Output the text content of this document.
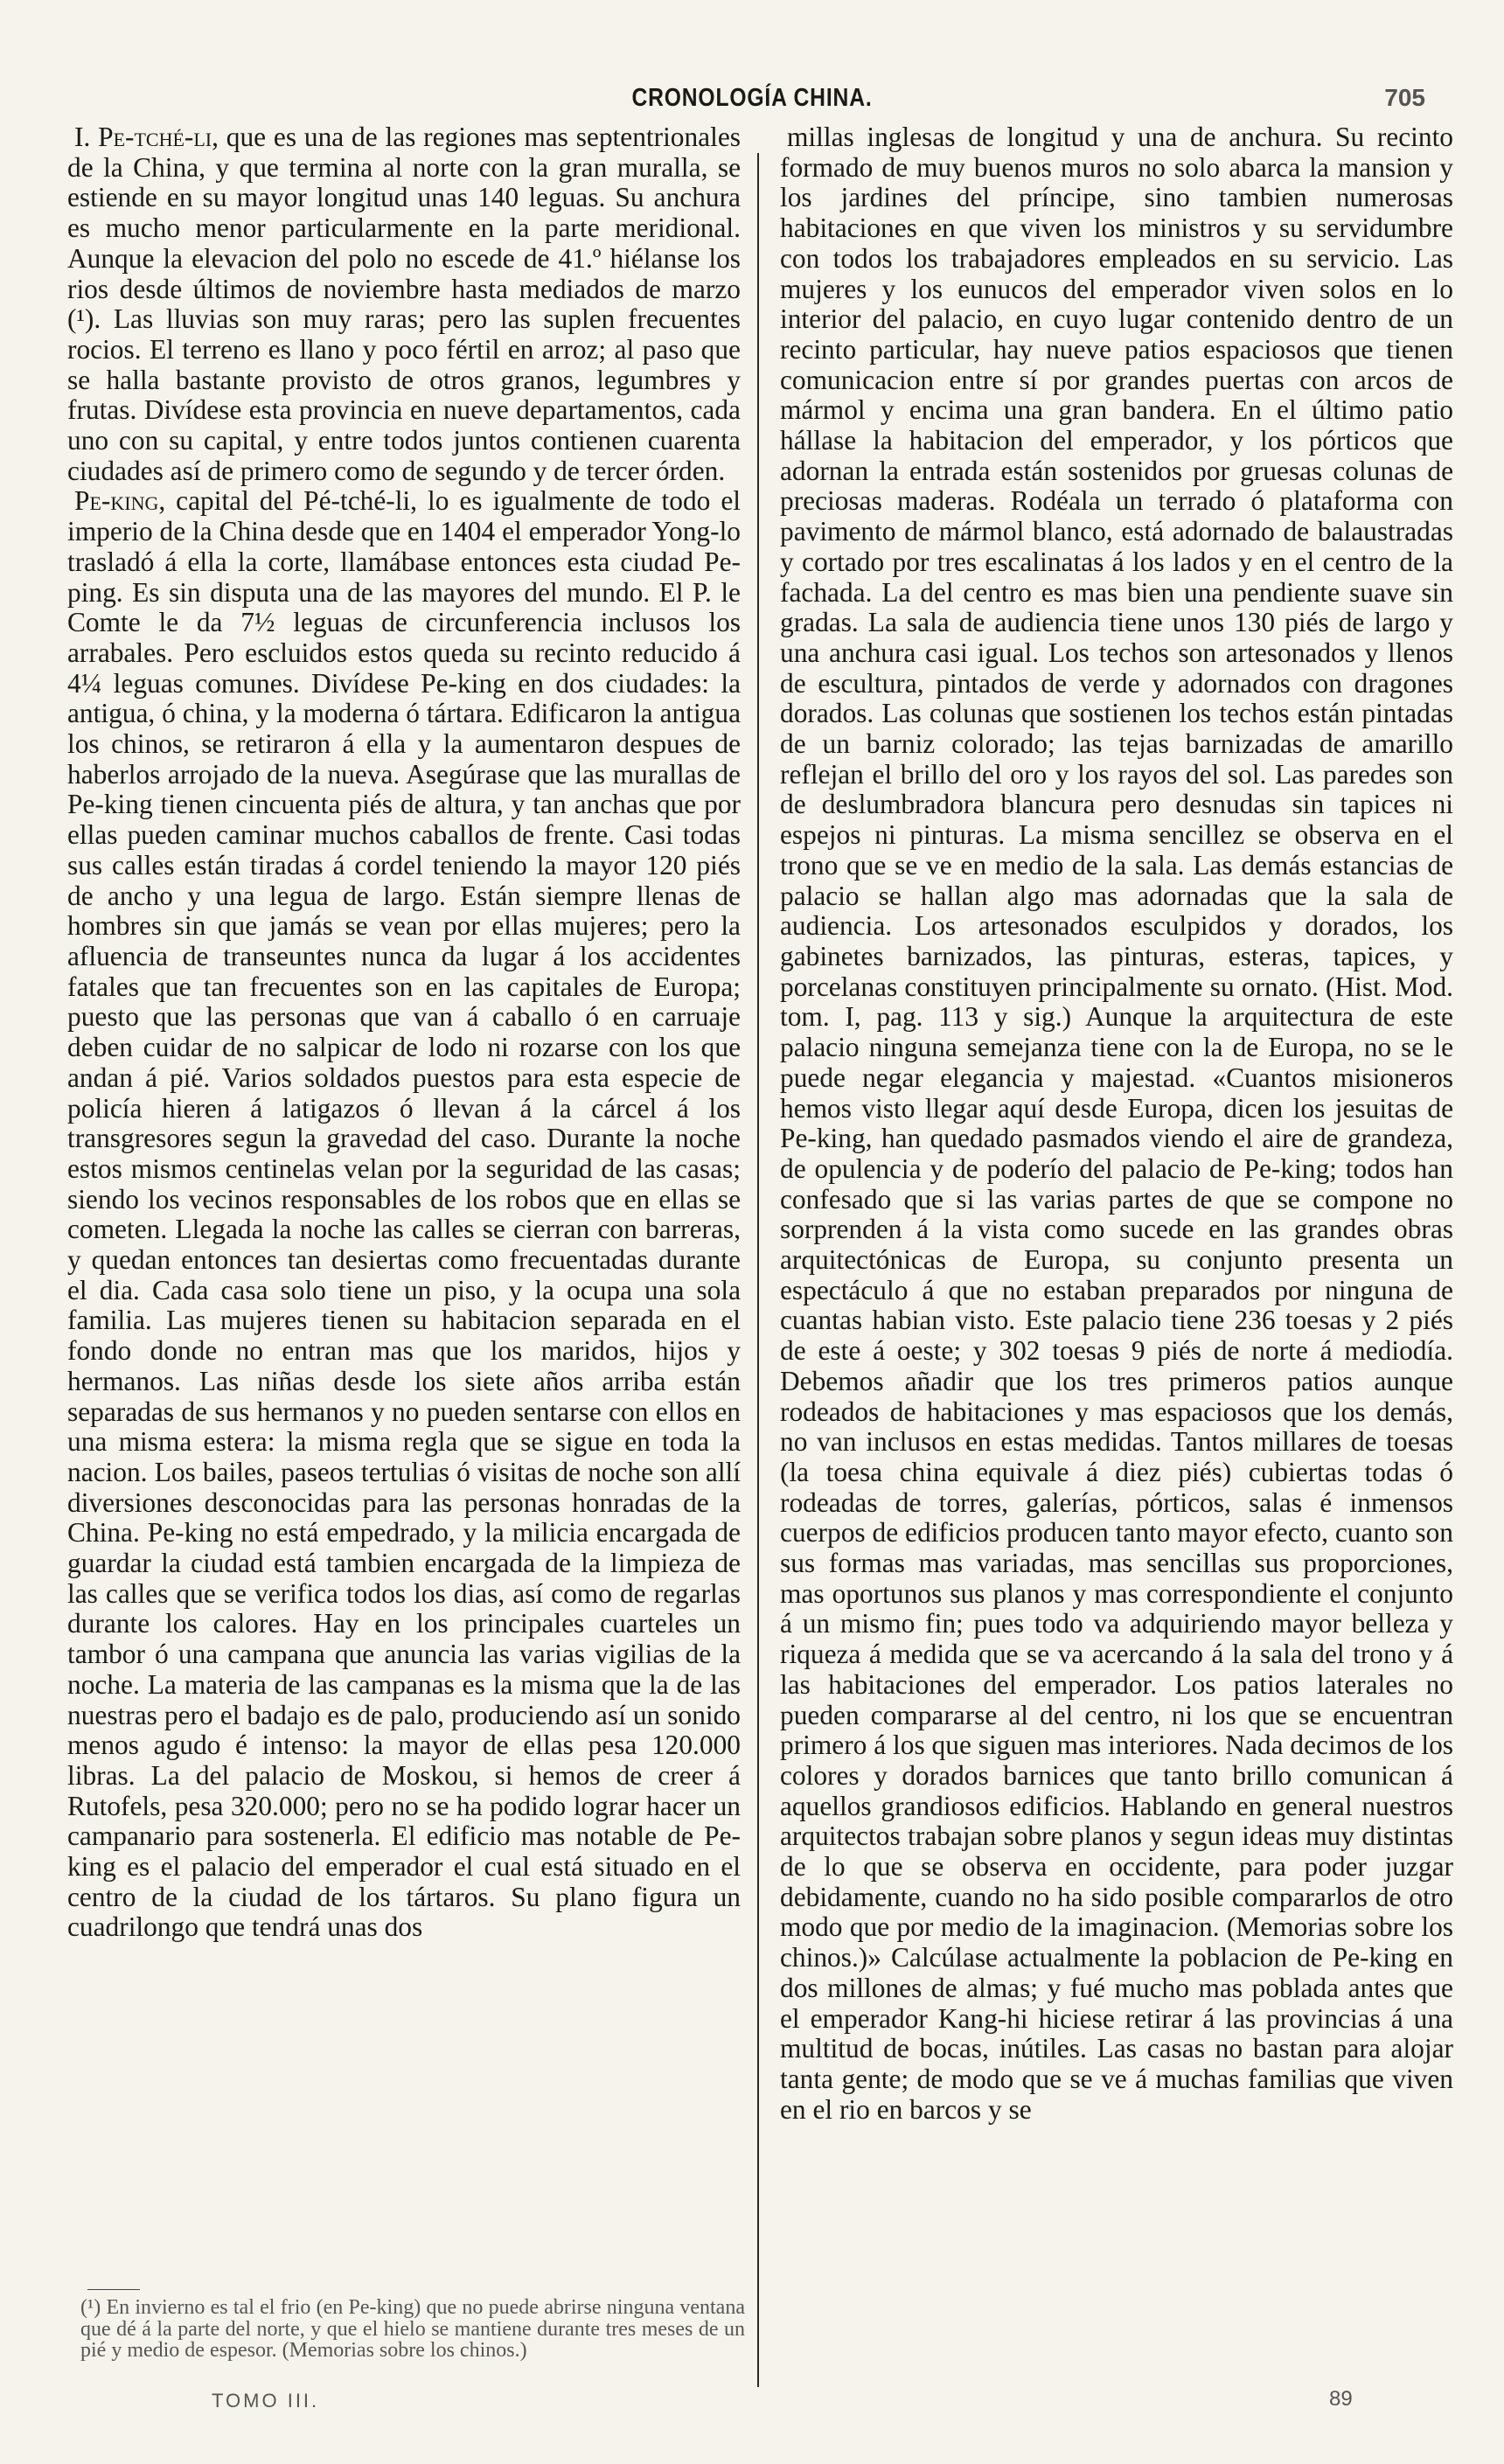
CRONOLOGÍA CHINA.	705

I. Pe-tché-li, que es una de las regiones mas septentrionales de la China, y que termina al norte con la gran muralla, se estiende en su mayor longitud unas 140 leguas. Su anchura es mucho menor particularmente en la parte meridional. Aunque la elevacion del polo no escede de 41.º hiélanse los rios desde últimos de noviembre hasta mediados de marzo (¹). Las lluvias son muy raras; pero las suplen frecuentes rocios. El terreno es llano y poco fértil en arroz; al paso que se halla bastante provisto de otros granos, legumbres y frutas. Divídese esta provincia en nueve departamentos, cada uno con su capital, y entre todos juntos contienen cuarenta ciudades así de primero como de segundo y de tercer órden.

Pe-king, capital del Pé-tché-li, lo es igualmente de todo el imperio de la China desde que en 1404 el emperador Yong-lo trasladó á ella la corte, llamábase entonces esta ciudad Pe-ping. Es sin disputa una de las mayores del mundo. El P. le Comte le da 7½ leguas de circunferencia inclusos los arrabales. Pero escluidos estos queda su recinto reducido á 4¼ leguas comunes. Divídese Pe-king en dos ciudades: la antigua, ó china, y la moderna ó tártara. Edificaron la antigua los chinos, se retiraron á ella y la aumentaron despues de haberlos arrojado de la nueva. Asegúrase que las murallas de Pe-king tienen cincuenta piés de altura, y tan anchas que por ellas pueden caminar muchos caballos de frente. Casi todas sus calles están tiradas á cordel teniendo la mayor 120 piés de ancho y una legua de largo. Están siempre llenas de hombres sin que jamás se vean por ellas mujeres; pero la afluencia de transeuntes nunca da lugar á los accidentes fatales que tan frecuentes son en las capitales de Europa; puesto que las personas que van á caballo ó en carruaje deben cuidar de no salpicar de lodo ni rozarse con los que andan á pié. Varios soldados puestos para esta especie de policía hieren á latigazos ó llevan á la cárcel á los transgresores segun la gravedad del caso. Durante la noche estos mismos centinelas velan por la seguridad de las casas; siendo los vecinos responsables de los robos que en ellas se cometen. Llegada la noche las calles se cierran con barreras, y quedan entonces tan desiertas como frecuentadas durante el dia. Cada casa solo tiene un piso, y la ocupa una sola familia. Las mujeres tienen su habitacion separada en el fondo donde no entran mas que los maridos, hijos y hermanos. Las niñas desde los siete años arriba están separadas de sus hermanos y no pueden sentarse con ellos en una misma estera: la misma regla que se sigue en toda la nacion. Los bailes, paseos tertulias ó visitas de noche son allí diversiones desconocidas para las personas honradas de la China. Pe-king no está empedrado, y la milicia encargada de guardar la ciudad está tambien encargada de la limpieza de las calles que se verifica todos los dias, así como de regarlas durante los calores. Hay en los principales cuarteles un tambor ó una campana que anuncia las varias vigilias de la noche. La materia de las campanas es la misma que la de las nuestras pero el badajo es de palo, produciendo así un sonido menos agudo é intenso: la mayor de ellas pesa 120.000 libras. La del palacio de Moskou, si hemos de creer á Rutofels, pesa 320.000; pero no se ha podido lograr hacer un campanario para sostenerla. El edificio mas notable de Pe-king es el palacio del emperador el cual está situado en el centro de la ciudad de los tártaros. Su plano figura un cuadrilongo que tendrá unas dos

millas inglesas de longitud y una de anchura. Su recinto formado de muy buenos muros no solo abarca la mansion y los jardines del príncipe, sino tambien numerosas habitaciones en que viven los ministros y su servidumbre con todos los trabajadores empleados en su servicio. Las mujeres y los eunucos del emperador viven solos en lo interior del palacio, en cuyo lugar contenido dentro de un recinto particular, hay nueve patios espaciosos que tienen comunicacion entre sí por grandes puertas con arcos de mármol y encima una gran bandera. En el último patio hállase la habitacion del emperador, y los pórticos que adornan la entrada están sostenidos por gruesas colunas de preciosas maderas. Rodéala un terrado ó plataforma con pavimento de mármol blanco, está adornado de balaustradas y cortado por tres escalinatas á los lados y en el centro de la fachada. La del centro es mas bien una pendiente suave sin gradas. La sala de audiencia tiene unos 130 piés de largo y una anchura casi igual. Los techos son artesonados y llenos de escultura, pintados de verde y adornados con dragones dorados. Las colunas que sostienen los techos están pintadas de un barniz colorado; las tejas barnizadas de amarillo reflejan el brillo del oro y los rayos del sol. Las paredes son de deslumbradora blancura pero desnudas sin tapices ni espejos ni pinturas. La misma sencillez se observa en el trono que se ve en medio de la sala. Las demás estancias de palacio se hallan algo mas adornadas que la sala de audiencia. Los artesonados esculpidos y dorados, los gabinetes barnizados, las pinturas, esteras, tapices, y porcelanas constituyen principalmente su ornato. (Hist. Mod. tom. I, pag. 113 y sig.) Aunque la arquitectura de este palacio ninguna semejanza tiene con la de Europa, no se le puede negar elegancia y majestad. «Cuantos misioneros hemos visto llegar aquí desde Europa, dicen los jesuitas de Pe-king, han quedado pasmados viendo el aire de grandeza, de opulencia y de poderío del palacio de Pe-king; todos han confesado que si las varias partes de que se compone no sorprenden á la vista como sucede en las grandes obras arquitectónicas de Europa, su conjunto presenta un espectáculo á que no estaban preparados por ninguna de cuantas habian visto. Este palacio tiene 236 toesas y 2 piés de este á oeste; y 302 toesas 9 piés de norte á mediodía. Debemos añadir que los tres primeros patios aunque rodeados de habitaciones y mas espaciosos que los demás, no van inclusos en estas medidas. Tantos millares de toesas (la toesa china equivale á diez piés) cubiertas todas ó rodeadas de torres, galerías, pórticos, salas é inmensos cuerpos de edificios producen tanto mayor efecto, cuanto son sus formas mas variadas, mas sencillas sus proporciones, mas oportunos sus planos y mas correspondiente el conjunto á un mismo fin; pues todo va adquiriendo mayor belleza y riqueza á medida que se va acercando á la sala del trono y á las habitaciones del emperador. Los patios laterales no pueden compararse al del centro, ni los que se encuentran primero á los que siguen mas interiores. Nada decimos de los colores y dorados barnices que tanto brillo comunican á aquellos grandiosos edificios. Hablando en general nuestros arquitectos trabajan sobre planos y segun ideas muy distintas de lo que se observa en occidente, para poder juzgar debidamente, cuando no ha sido posible compararlos de otro modo que por medio de la imaginacion. (Memorias sobre los chinos.)» Calcúlase actualmente la poblacion de Pe-king en dos millones de almas; y fué mucho mas poblada antes que el emperador Kang-hi hiciese retirar á las provincias á una multitud de bocas, inútiles. Las casas no bastan para alojar tanta gente; de modo que se ve á muchas familias que viven en el rio en barcos y se

(¹) En invierno es tal el frio (en Pe-king) que no puede abrirse ninguna ventana que dé á la parte del norte, y que el hielo se mantiene durante tres meses de un pié y medio de espesor. (Memorias sobre los chinos.)
TOMO III.	89
